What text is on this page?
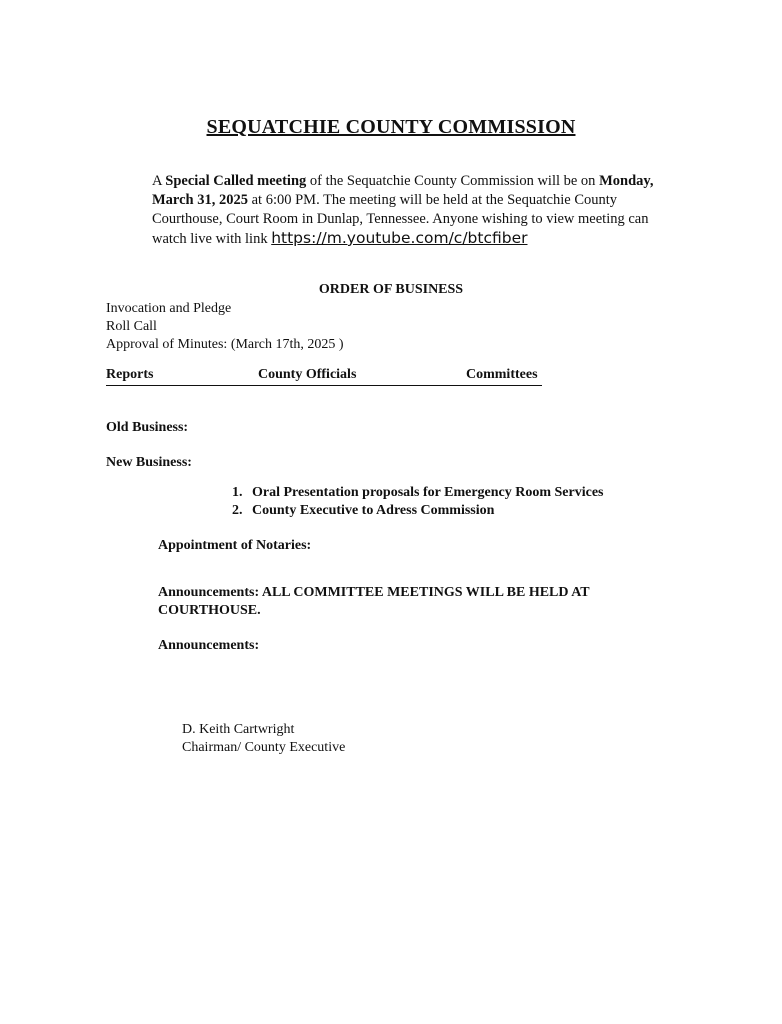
SEQUATCHIE COUNTY COMMISSION
A Special Called meeting of the Sequatchie County Commission will be on Monday, March 31, 2025 at 6:00 PM. The meeting will be held at the Sequatchie County Courthouse, Court Room in Dunlap, Tennessee. Anyone wishing to view meeting can watch live with link https://m.youtube.com/c/btcfiber
ORDER OF BUSINESS
Invocation and Pledge
Roll Call
Approval of Minutes: (March 17th, 2025 )
Reports	County Officials	Committees
Old Business:
New Business:
1. Oral Presentation proposals for Emergency Room Services
2. County Executive to Adress Commission
Appointment of Notaries:
Announcements: ALL COMMITTEE MEETINGS WILL BE HELD AT COURTHOUSE.
Announcements:
D. Keith Cartwright
Chairman/ County Executive
